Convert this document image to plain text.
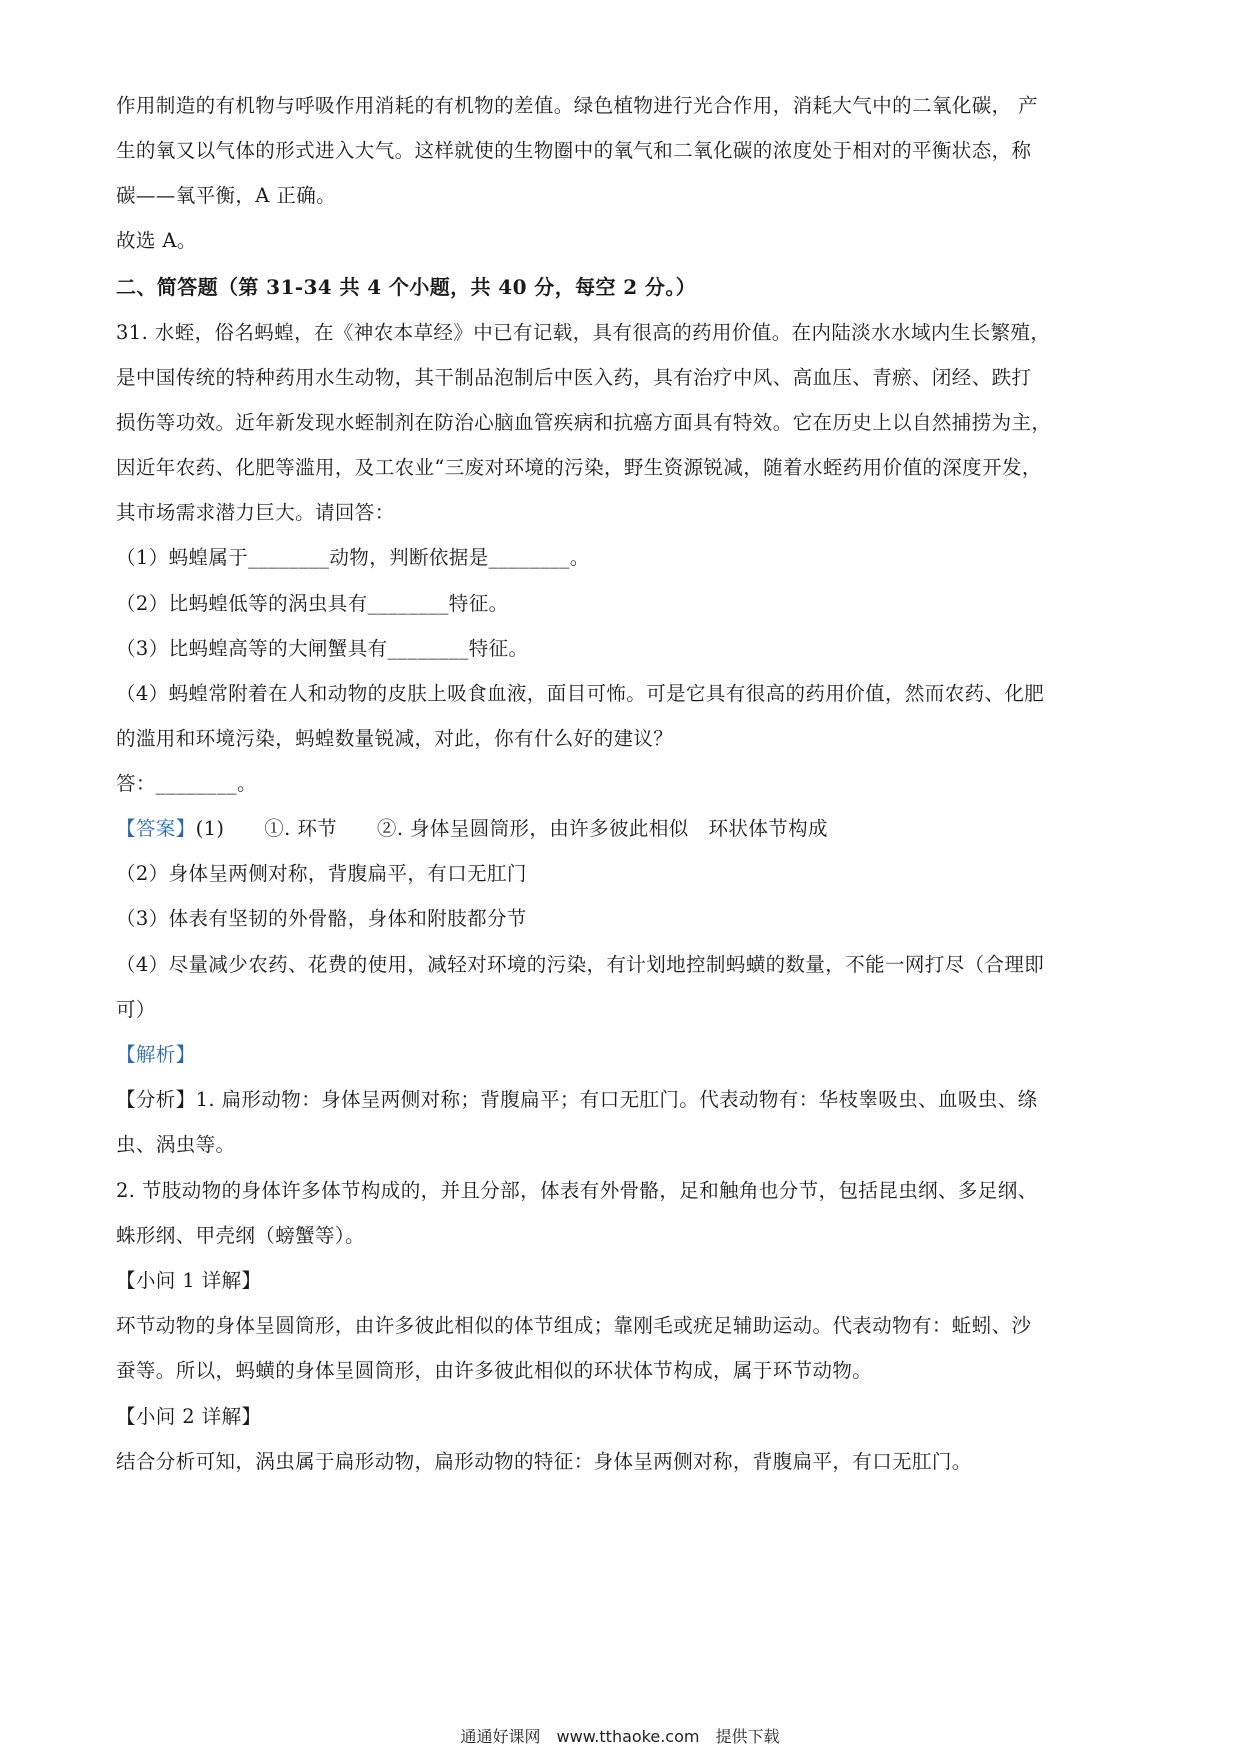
作用制造的有机物与呼吸作用消耗的有机物的差值。绿色植物进行光合作用，消耗大气中的二氧化碳， 产
生的氧又以气体的形式进入大气。这样就使的生物圈中的氧气和二氧化碳的浓度处于相对的平衡状态，称
碳——氧平衡，A 正确。
故选 A。
二、简答题（第 31-34 共 4 个小题，共 40 分，每空 2 分。）
31. 水蛭，俗名蚂蝗，在《神农本草经》中已有记载，具有很高的药用价值。在内陆淡水水域内生长繁殖，
是中国传统的特种药用水生动物，其干制品泡制后中医入药，具有治疗中风、高血压、青瘀、闭经、跌打
损伤等功效。近年新发现水蛭制剂在防治心脑血管疾病和抗癌方面具有特效。它在历史上以自然捕捞为主，
因近年农药、化肥等滥用，及工农业“三废对环境的污染，野生资源锐减，随着水蛭药用价值的深度开发，
其市场需求潜力巨大。请回答：
（1）蚂蝗属于________动物，判断依据是________。
（2）比蚂蝗低等的涡虫具有________特征。
（3）比蚂蝗高等的大闸蟹具有________特征。
（4）蚂蝗常附着在人和动物的皮肤上吸食血液，面目可怖。可是它具有很高的药用价值，然而农药、化肥
的滥用和环境污染，蚂蝗数量锐减，对此，你有什么好的建议？
答：________。
【答案】(1)　　①. 环节　　②. 身体呈圆筒形，由许多彼此相似　环状体节构成
（2）身体呈两侧对称，背腹扁平，有口无肛门
（3）体表有坚韧的外骨骼，身体和附肢都分节
（4）尽量减少农药、花费的使用，减轻对环境的污染，有计划地控制蚂蟥的数量，不能一网打尽（合理即
可）
【解析】
【分析】1. 扁形动物：身体呈两侧对称；背腹扁平；有口无肛门。代表动物有：华枝睾吸虫、血吸虫、绦
虫、涡虫等。
2. 节肢动物的身体许多体节构成的，并且分部，体表有外骨骼，足和触角也分节，包括昆虫纲、多足纲、
蛛形纲、甲壳纲（螃蟹等）。
【小问 1 详解】
环节动物的身体呈圆筒形，由许多彼此相似的体节组成；靠刚毛或疣足辅助运动。代表动物有：蚯蚓、沙
蚕等。所以，蚂蟥的身体呈圆筒形，由许多彼此相似的环状体节构成，属于环节动物。
【小问 2 详解】
结合分析可知，涡虫属于扁形动物，扁形动物的特征：身体呈两侧对称，背腹扁平，有口无肛门。
通通好课网　www.tthaoke.com　提供下载
